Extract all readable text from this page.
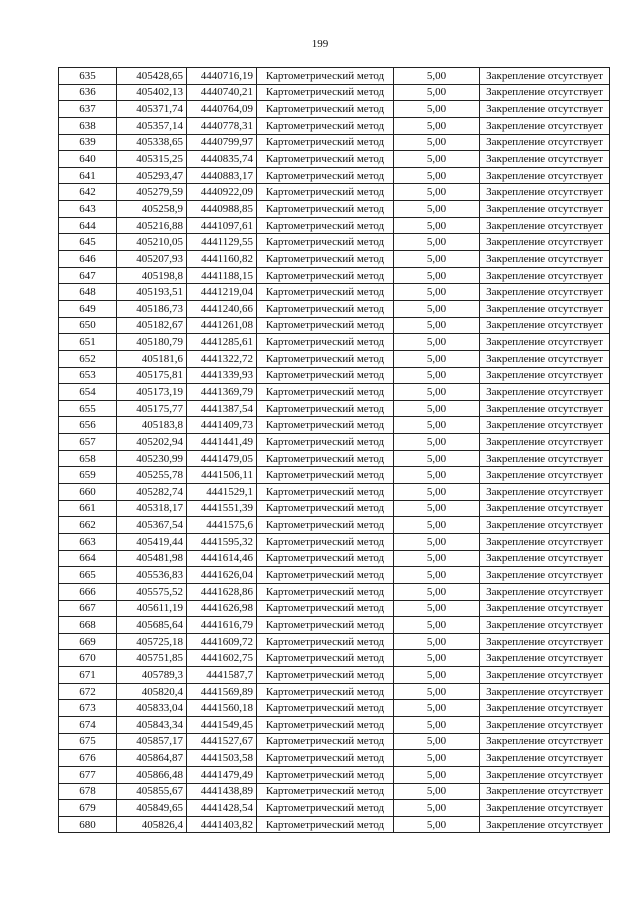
199
635	405428,65	4440716,19	Картометрический метод	5,00	Закрепление отсутствует
636	405402,13	4440740,21	Картометрический метод	5,00	Закрепление отсутствует
637	405371,74	4440764,09	Картометрический метод	5,00	Закрепление отсутствует
638	405357,14	4440778,31	Картометрический метод	5,00	Закрепление отсутствует
639	405338,65	4440799,97	Картометрический метод	5,00	Закрепление отсутствует
640	405315,25	4440835,74	Картометрический метод	5,00	Закрепление отсутствует
641	405293,47	4440883,17	Картометрический метод	5,00	Закрепление отсутствует
642	405279,59	4440922,09	Картометрический метод	5,00	Закрепление отсутствует
643	405258,9	4440988,85	Картометрический метод	5,00	Закрепление отсутствует
644	405216,88	4441097,61	Картометрический метод	5,00	Закрепление отсутствует
645	405210,05	4441129,55	Картометрический метод	5,00	Закрепление отсутствует
646	405207,93	4441160,82	Картометрический метод	5,00	Закрепление отсутствует
647	405198,8	4441188,15	Картометрический метод	5,00	Закрепление отсутствует
648	405193,51	4441219,04	Картометрический метод	5,00	Закрепление отсутствует
649	405186,73	4441240,66	Картометрический метод	5,00	Закрепление отсутствует
650	405182,67	4441261,08	Картометрический метод	5,00	Закрепление отсутствует
651	405180,79	4441285,61	Картометрический метод	5,00	Закрепление отсутствует
652	405181,6	4441322,72	Картометрический метод	5,00	Закрепление отсутствует
653	405175,81	4441339,93	Картометрический метод	5,00	Закрепление отсутствует
654	405173,19	4441369,79	Картометрический метод	5,00	Закрепление отсутствует
655	405175,77	4441387,54	Картометрический метод	5,00	Закрепление отсутствует
656	405183,8	4441409,73	Картометрический метод	5,00	Закрепление отсутствует
657	405202,94	4441441,49	Картометрический метод	5,00	Закрепление отсутствует
658	405230,99	4441479,05	Картометрический метод	5,00	Закрепление отсутствует
659	405255,78	4441506,11	Картометрический метод	5,00	Закрепление отсутствует
660	405282,74	4441529,1	Картометрический метод	5,00	Закрепление отсутствует
661	405318,17	4441551,39	Картометрический метод	5,00	Закрепление отсутствует
662	405367,54	4441575,6	Картометрический метод	5,00	Закрепление отсутствует
663	405419,44	4441595,32	Картометрический метод	5,00	Закрепление отсутствует
664	405481,98	4441614,46	Картометрический метод	5,00	Закрепление отсутствует
665	405536,83	4441626,04	Картометрический метод	5,00	Закрепление отсутствует
666	405575,52	4441628,86	Картометрический метод	5,00	Закрепление отсутствует
667	405611,19	4441626,98	Картометрический метод	5,00	Закрепление отсутствует
668	405685,64	4441616,79	Картометрический метод	5,00	Закрепление отсутствует
669	405725,18	4441609,72	Картометрический метод	5,00	Закрепление отсутствует
670	405751,85	4441602,75	Картометрический метод	5,00	Закрепление отсутствует
671	405789,3	4441587,7	Картометрический метод	5,00	Закрепление отсутствует
672	405820,4	4441569,89	Картометрический метод	5,00	Закрепление отсутствует
673	405833,04	4441560,18	Картометрический метод	5,00	Закрепление отсутствует
674	405843,34	4441549,45	Картометрический метод	5,00	Закрепление отсутствует
675	405857,17	4441527,67	Картометрический метод	5,00	Закрепление отсутствует
676	405864,87	4441503,58	Картометрический метод	5,00	Закрепление отсутствует
677	405866,48	4441479,49	Картометрический метод	5,00	Закрепление отсутствует
678	405855,67	4441438,89	Картометрический метод	5,00	Закрепление отсутствует
679	405849,65	4441428,54	Картометрический метод	5,00	Закрепление отсутствует
680	405826,4	4441403,82	Картометрический метод	5,00	Закрепление отсутствует
